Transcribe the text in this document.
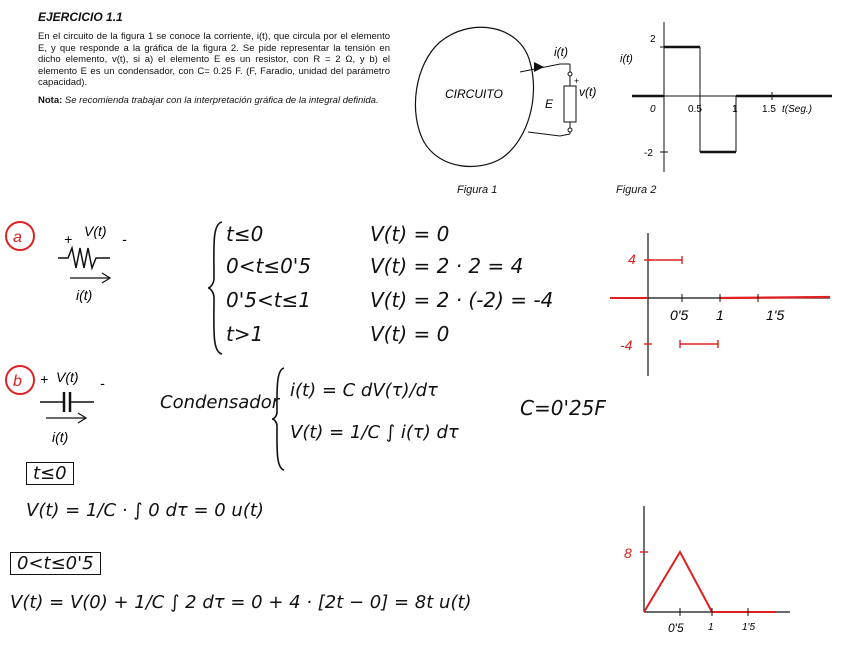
EJERCICIO 1.1
En el circuito de la figura 1 se conoce la corriente, i(t), que circula por el elemento E, y que responde a la gráfica de la figura 2. Se pide representar la tensión en dicho elemento, v(t), si a) el elemento E es un resistor, con R = 2 Ω, y b) el elemento E es un condensador, con C= 0.25 F. (F, Faradio, unidad del parámetro capacidad).
Nota: Se recomienda trabajar con la interpretación gráfica de la integral definida.	CIRCUITO
i(t)
+
v(t)
E
Figura 1
i(t)
2
-2
0	0.5	1 1.5 t(Seg.)
Figura 2
a	+ V(t) -
i(t)
t≤0	V(t) = 0
0<t≤0'5	V(t) = 2 · 2 = 4
0'5<t≤1	V(t) = 2 · (-2) = -4
t>1	V(t) = 0
4
-4
0'5 1	1'5
b + V(t) -
i(t)
Condensador
i(t) = C dV(τ)/dτ
V(t) = 1/C ∫ i(τ) dτ
C=0'25F
t≤0
V(t) = 1/C · ∫ 0 dτ = 0 u(t)
0<t≤0'5
V(t) = V(0) + 1/C ∫ 2 dτ = 0 + 4 · [2t − 0] = 8t u(t)
8
0'5 1	1'5
